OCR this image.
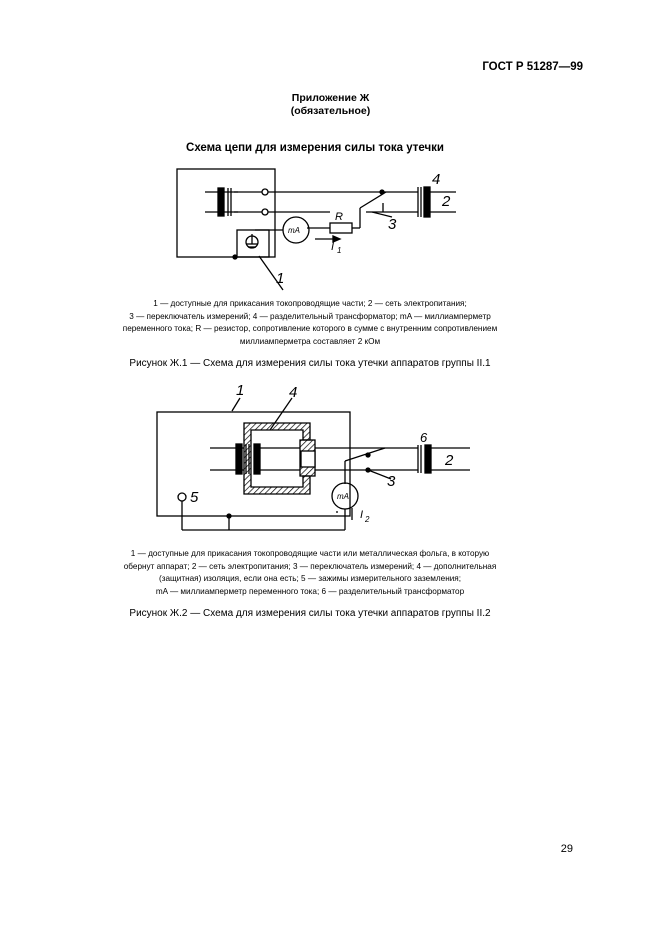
ГОСТ Р 51287—99
Приложение Ж
(обязательное)
Схема цепи для измерения силы тока утечки
4
2
3
1
R
mA
I 1
1	4
6
2
3
5	mA
I 2
1 — доступные для прикасания токопроводящие части; 2 — сеть электропитания;
3 — переключатель измерений; 4 — разделительный трансформатор; mA — миллиамперметр
переменного тока; R — резистор, сопротивление которого в сумме с внутренним сопротивлением
миллиамперметра составляет 2 кОм
Рисунок Ж.1 — Схема для измерения силы тока утечки аппаратов группы II.1
1 — доступные для прикасания токопроводящие части или металлическая фольга, в которую
обернут аппарат; 2 — сеть электропитания; 3 — переключатель измерений; 4 — дополнительная
(защитная) изоляция, если она есть; 5 — зажимы измерительного заземления;
mA — миллиамперметр переменного тока; 6 — разделительный трансформатор
Рисунок Ж.2 — Схема для измерения силы тока утечки аппаратов группы II.2
29
